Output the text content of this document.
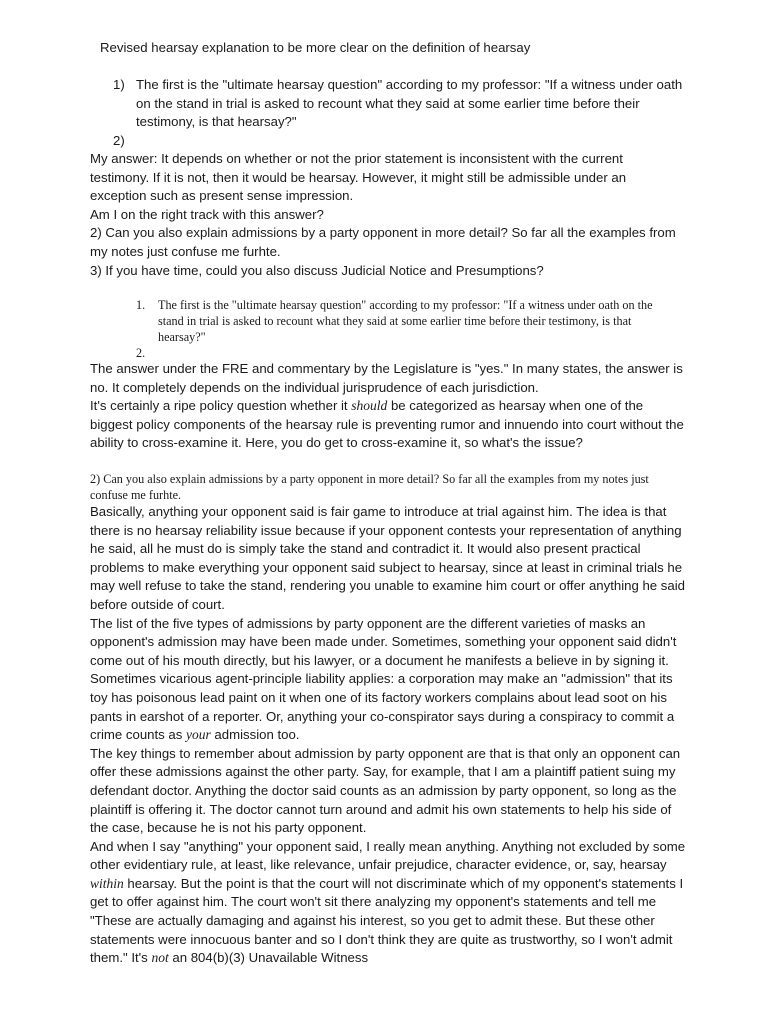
Revised hearsay explanation to be more clear on the definition of hearsay
1) The first is the "ultimate hearsay question" according to my professor: "If a witness under oath on the stand in trial is asked to recount what they said at some earlier time before their testimony, is that hearsay?"
2)

My answer: It depends on whether or not the prior statement is inconsistent with the current testimony. If it is not, then it would be hearsay. However, it might still be admissible under an exception such as present sense impression.

Am I on the right track with this answer?

2) Can you also explain admissions by a party opponent in more detail? So far all the examples from my notes just confuse me furhte.

3) If you have time, could you also discuss Judicial Notice and Presumptions?

1.	The first is the "ultimate hearsay question" according to my professor: "If a witness under oath on the stand in trial is asked to recount what they said at some earlier time before their testimony, is that hearsay?"
2.

The answer under the FRE and commentary by the Legislature is "yes." In many states, the answer is no. It completely depends on the individual jurisprudence of each jurisdiction.

It's certainly a ripe policy question whether it should be categorized as hearsay when one of the biggest policy components of the hearsay rule is preventing rumor and innuendo into court without the ability to cross-examine it. Here, you do get to cross-examine it, so what's the issue?

2) Can you also explain admissions by a party opponent in more detail? So far all the examples from my notes just confuse me furhte.

Basically, anything your opponent said is fair game to introduce at trial against him. The idea is that there is no hearsay reliability issue because if your opponent contests your representation of anything he said, all he must do is simply take the stand and contradict it. It would also present practical problems to make everything your opponent said subject to hearsay, since at least in criminal trials he may well refuse to take the stand, rendering you unable to examine him court or offer anything he said before outside of court.

The list of the five types of admissions by party opponent are the different varieties of masks an opponent's admission may have been made under. Sometimes, something your opponent said didn't come out of his mouth directly, but his lawyer, or a document he manifests a believe in by signing it. Sometimes vicarious agent-principle liability applies: a corporation may make an "admission" that its toy has poisonous lead paint on it when one of its factory workers complains about lead soot on his pants in earshot of a reporter. Or, anything your co-conspirator says during a conspiracy to commit a crime counts as your admission too.

The key things to remember about admission by party opponent are that is that only an opponent can offer these admissions against the other party. Say, for example, that I am a plaintiff patient suing my defendant doctor. Anything the doctor said counts as an admission by party opponent, so long as the plaintiff is offering it. The doctor cannot turn around and admit his own statements to help his side of the case, because he is not his party opponent.

And when I say "anything" your opponent said, I really mean anything. Anything not excluded by some other evidentiary rule, at least, like relevance, unfair prejudice, character evidence, or, say, hearsay within hearsay. But the point is that the court will not discriminate which of my opponent's statements I get to offer against him. The court won't sit there analyzing my opponent's statements and tell me "These are actually damaging and against his interest, so you get to admit these. But these other statements were innocuous banter and so I don't think they are quite as trustworthy, so I won't admit them." It's not an 804(b)(3) Unavailable Witness
